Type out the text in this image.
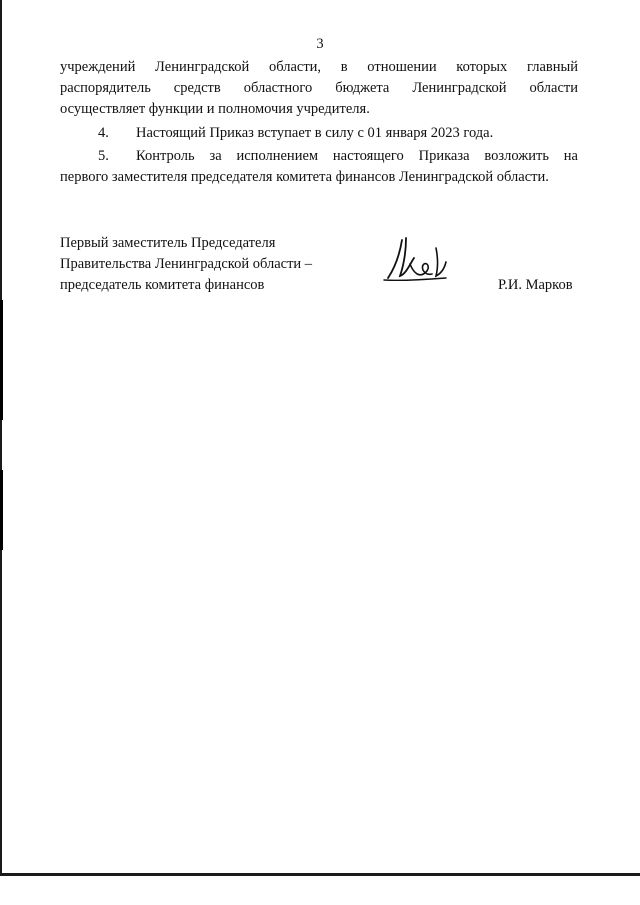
3
учреждений Ленинградской области, в отношении которых главный
распорядитель средств областного бюджета Ленинградской области
осуществляет функции и полномочия учредителя.
4. Настоящий Приказ вступает в силу с 01 января 2023 года.
5. Контроль за исполнением настоящего Приказа возложить на
первого заместителя председателя комитета финансов Ленинградской области.
Первый заместитель Председателя
Правительства Ленинградской области –
председатель комитета финансов	Р.И. Марков
